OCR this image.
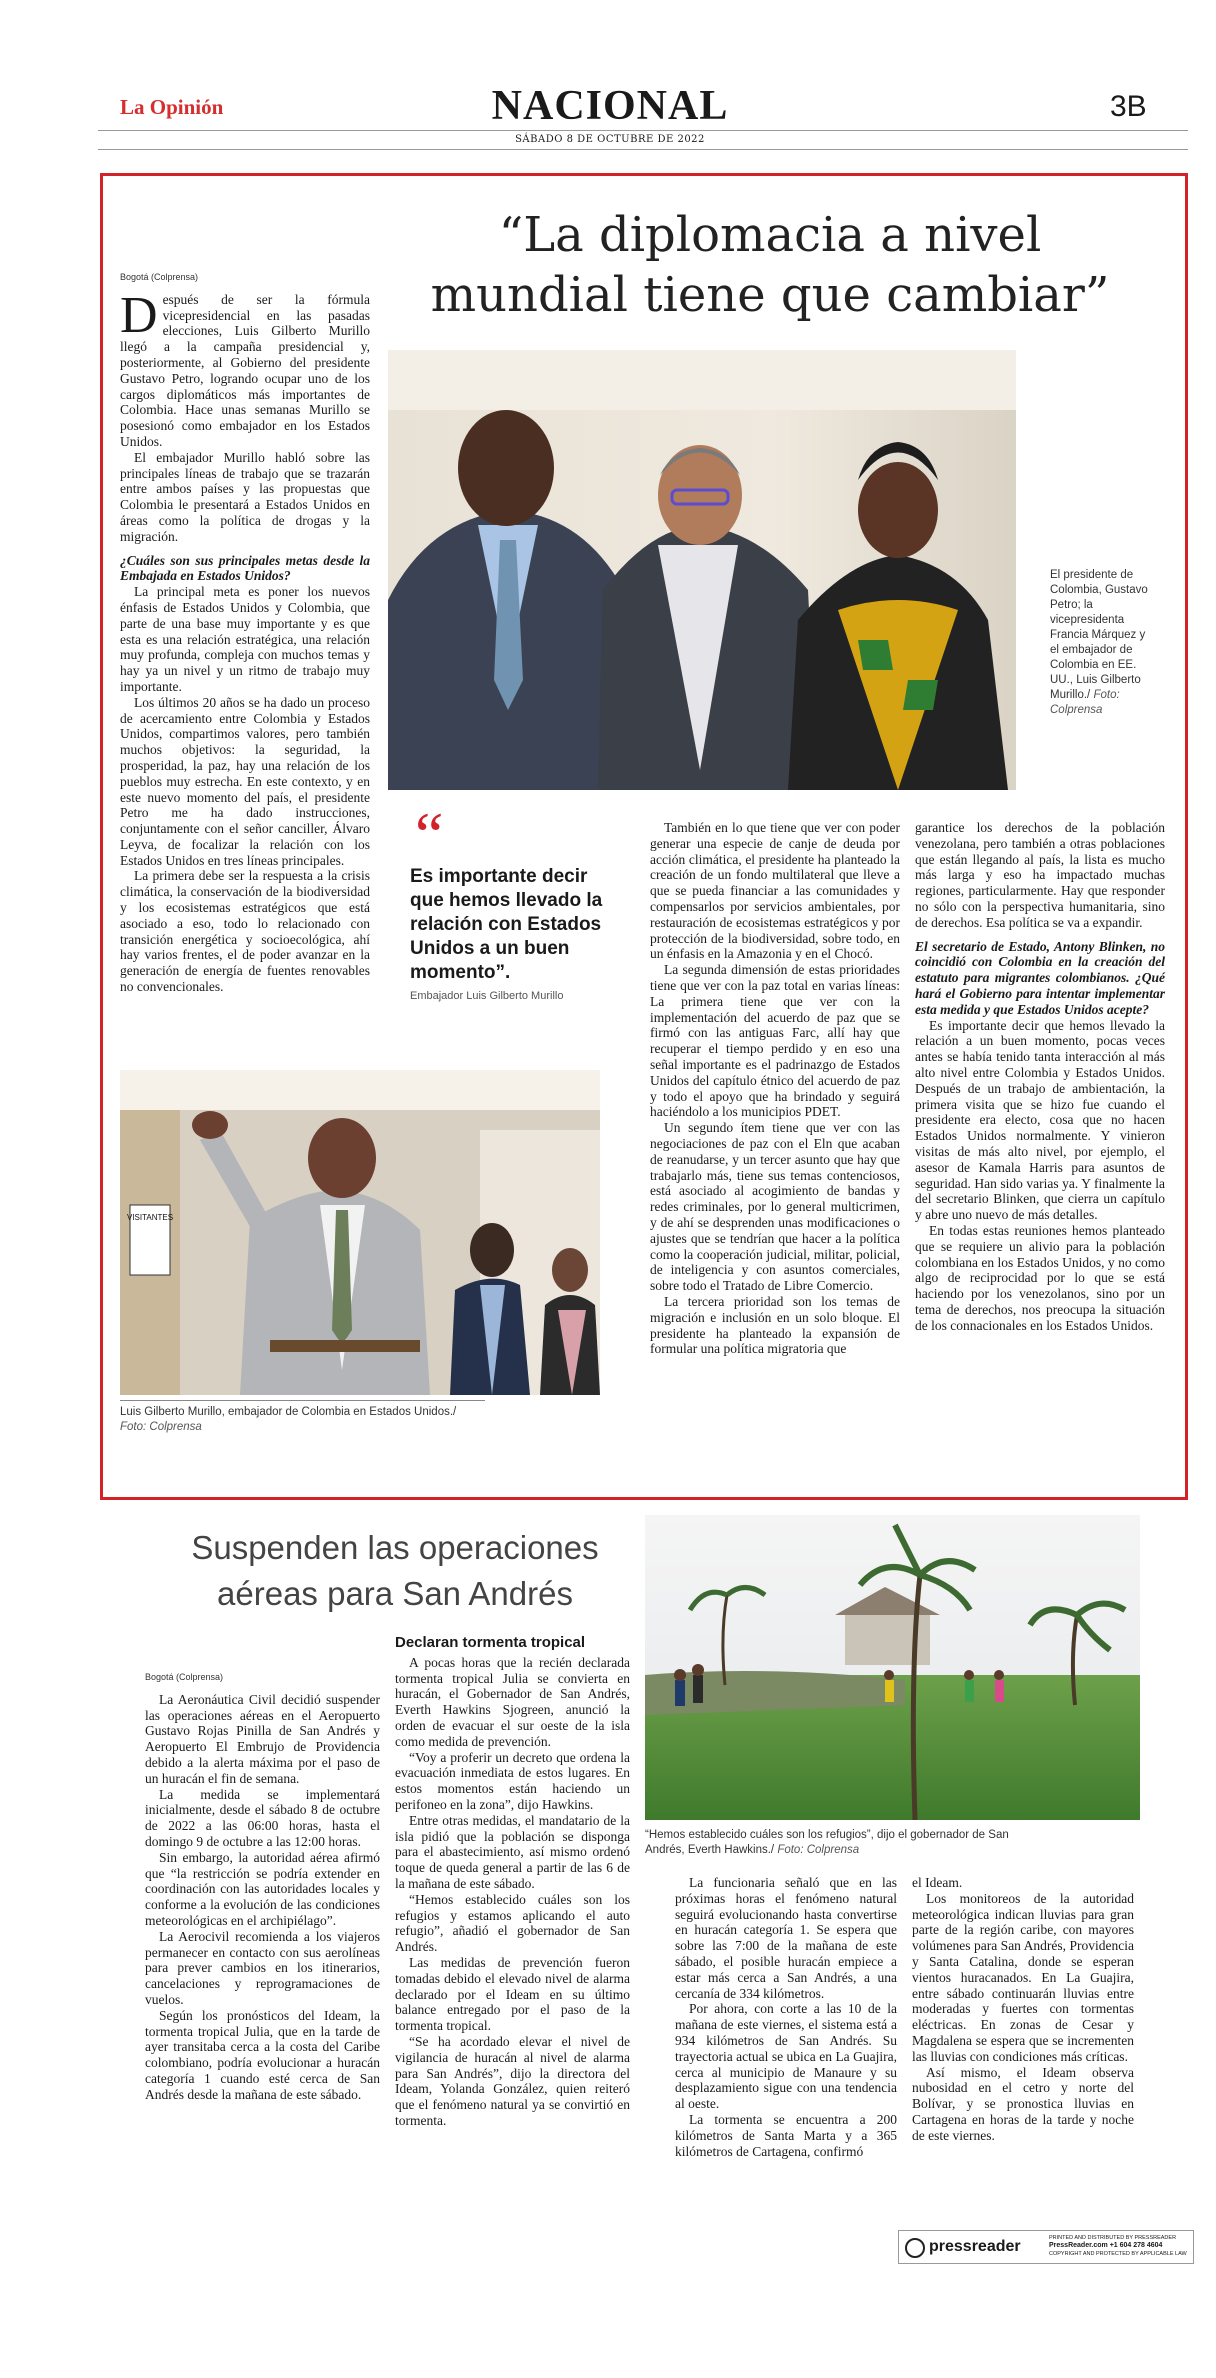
La Opinión	NACIONAL	3B
SÁBADO 8 DE OCTUBRE DE 2022
“La diplomacia a nivel
mundial tiene que cambiar”
Bogotá (Colprensa)

Después de ser la fórmula vicepresidencial en las pasadas elecciones, Luis Gilberto Murillo llegó a la campaña presidencial y, posteriormente, al Gobierno del presidente Gustavo Petro, logrando ocupar uno de los cargos diplomáticos más importantes de Colombia. Hace unas semanas Murillo se posesionó como embajador en los Estados Unidos.

El embajador Murillo habló sobre las principales líneas de trabajo que se trazarán entre ambos países y las propuestas que Colombia le presentará a Estados Unidos en áreas como la política de drogas y la migración.

¿Cuáles son sus principales metas desde la Embajada en Estados Unidos?

La principal meta es poner los nuevos énfasis de Estados Unidos y Colombia, que parte de una base muy importante y es que esta es una relación estratégica, una relación muy profunda, compleja con muchos temas y hay ya un nivel y un ritmo de trabajo muy importante.

Los últimos 20 años se ha dado un proceso de acercamiento entre Colombia y Estados Unidos, compartimos valores, pero también muchos objetivos: la seguridad, la prosperidad, la paz, hay una relación de los pueblos muy estrecha. En este contexto, y en este nuevo momento del país, el presidente Petro me ha dado instrucciones, conjuntamente con el señor canciller, Álvaro Leyva, de focalizar la relación con los Estados Unidos en tres líneas principales.

La primera debe ser la respuesta a la crisis climática, la conservación de la biodiversidad y los ecosistemas estratégicos que está asociado a eso, todo lo relacionado con transición energética y socioecológica, ahí hay varios frentes, el de poder avanzar en la generación de energía de fuentes renovables no convencionales.

El presidente de Colombia, Gustavo Petro; la vicepresidenta Francia Márquez y el embajador de Colombia en EE. UU., Luis Gilberto Murillo./ Foto: Colprensa
“
Es importante decir que hemos llevado la relación con Estados Unidos a un buen momento”.
Embajador Luis Gilberto Murillo
VISITANTES
Luis Gilberto Murillo, embajador de Colombia en Estados Unidos./
Foto: Colprensa

También en lo que tiene que ver con poder generar una especie de canje de deuda por acción climática, el presidente ha planteado la creación de un fondo multilateral que lleve a que se pueda financiar a las comunidades y compensarlos por servicios ambientales, por restauración de ecosistemas estratégicos y por protección de la biodiversidad, sobre todo, en un énfasis en la Amazonia y en el Chocó.

La segunda dimensión de estas prioridades tiene que ver con la paz total en varias líneas: La primera tiene que ver con la implementación del acuerdo de paz que se firmó con las antiguas Farc, allí hay que recuperar el tiempo perdido y en eso una señal importante es el padrinazgo de Estados Unidos del capítulo étnico del acuerdo de paz y todo el apoyo que ha brindado y seguirá haciéndolo a los municipios PDET.

Un segundo ítem tiene que ver con las negociaciones de paz con el Eln que acaban de reanudarse, y un tercer asunto que hay que trabajarlo más, tiene sus temas contenciosos, está asociado al acogimiento de bandas y redes criminales, por lo general multicrimen, y de ahí se desprenden unas modificaciones o ajustes que se tendrían que hacer a la política como la cooperación judicial, militar, policial, de inteligencia y con asuntos comerciales, sobre todo el Tratado de Libre Comercio.

La tercera prioridad son los temas de migración e inclusión en un solo bloque. El presidente ha planteado la expansión de formular una política migratoria que

garantice los derechos de la población venezolana, pero también a otras poblaciones que están llegando al país, la lista es mucho más larga y eso ha impactado muchas regiones, particularmente. Hay que responder no sólo con la perspectiva humanitaria, sino de derechos. Esa política se va a expandir.

El secretario de Estado, Antony Blinken, no coincidió con Colombia en la creación del estatuto para migrantes colombianos. ¿Qué hará el Gobierno para intentar implementar esta medida y que Estados Unidos acepte?

Es importante decir que hemos llevado la relación a un buen momento, pocas veces antes se había tenido tanta interacción al más alto nivel entre Colombia y Estados Unidos. Después de un trabajo de ambientación, la primera visita que se hizo fue cuando el presidente era electo, cosa que no hacen Estados Unidos normalmente. Y vinieron visitas de más alto nivel, por ejemplo, el asesor de Kamala Harris para asuntos de seguridad. Han sido varias ya. Y finalmente la del secretario Blinken, que cierra un capítulo y abre uno nuevo de más detalles.

En todas estas reuniones hemos planteado que se requiere un alivio para la población colombiana en los Estados Unidos, y no como algo de reciprocidad por lo que se está haciendo por los venezolanos, sino por un tema de derechos, nos preocupa la situación de los connacionales en los Estados Unidos.

Suspenden las operaciones
aéreas para San Andrés
Bogotá (Colprensa)

La Aeronáutica Civil decidió suspender las operaciones aéreas en el Aeropuerto Gustavo Rojas Pinilla de San Andrés y Aeropuerto El Embrujo de Providencia debido a la alerta máxima por el paso de un huracán el fin de semana.

La medida se implementará inicialmente, desde el sábado 8 de octubre de 2022 a las 06:00 horas, hasta el domingo 9 de octubre a las 12:00 horas.

Sin embargo, la autoridad aérea afirmó que “la restricción se podría extender en coordinación con las autoridades locales y conforme a la evolución de las condiciones meteorológicas en el archipiélago”.

La Aerocivil recomienda a los viajeros permanecer en contacto con sus aerolíneas para prever cambios en los itinerarios, cancelaciones y reprogramaciones de vuelos.

Según los pronósticos del Ideam, la tormenta tropical Julia, que en la tarde de ayer transitaba cerca a la costa del Caribe colombiano, podría evolucionar a huracán categoría 1 cuando esté cerca de San Andrés desde la mañana de este sábado.

Declaran tormenta tropical

A pocas horas que la recién declarada tormenta tropical Julia se convierta en huracán, el Gobernador de San Andrés, Everth Hawkins Sjogreen, anunció la orden de evacuar el sur oeste de la isla como medida de prevención.

“Voy a proferir un decreto que ordena la evacuación inmediata de estos lugares. En estos momentos están haciendo un perifoneo en la zona”, dijo Hawkins.

Entre otras medidas, el mandatario de la isla pidió que la población se disponga para el abastecimiento, así mismo ordenó toque de queda general a partir de las 6 de la mañana de este sábado.

“Hemos establecido cuáles son los refugios y estamos aplicando el auto refugio”, añadió el gobernador de San Andrés.

Las medidas de prevención fueron tomadas debido el elevado nivel de alarma declarado por el Ideam en su último balance entregado por el paso de la tormenta tropical.

“Se ha acordado elevar el nivel de vigilancia de huracán al nivel de alarma para San Andrés”, dijo la directora del Ideam, Yolanda González, quien reiteró que el fenómeno natural ya se convirtió en tormenta.

“Hemos establecido cuáles son los refugios”, dijo el gobernador de San Andrés, Everth Hawkins./ Foto: Colprensa

La funcionaria señaló que en las próximas horas el fenómeno natural seguirá evolucionando hasta convertirse en huracán categoría 1. Se espera que sobre las 7:00 de la mañana de este sábado, el posible huracán empiece a estar más cerca a San Andrés, a una cercanía de 334 kilómetros.

Por ahora, con corte a las 10 de la mañana de este viernes, el sistema está a 934 kilómetros de San Andrés. Su trayectoria actual se ubica en La Guajira, cerca al municipio de Manaure y su desplazamiento sigue con una tendencia al oeste.

La tormenta se encuentra a 200 kilómetros de Santa Marta y a 365 kilómetros de Cartagena, confirmó

el Ideam.

Los monitoreos de la autoridad meteorológica indican lluvias para gran parte de la región caribe, con mayores volúmenes para San Andrés, Providencia y Santa Catalina, donde se esperan vientos huracanados. En La Guajira, entre sábado continuarán lluvias entre moderadas y fuertes con tormentas eléctricas. En zonas de Cesar y Magdalena se espera que se incrementen las lluvias con condiciones más críticas.

Así mismo, el Ideam observa nubosidad en el cetro y norte del Bolívar, y se pronostica lluvias en Cartagena en horas de la tarde y noche de este viernes.

pressreader	PRINTED AND DISTRIBUTED BY PRESSREADER
PressReader.com +1 604 278 4604
COPYRIGHT AND PROTECTED BY APPLICABLE LAW
